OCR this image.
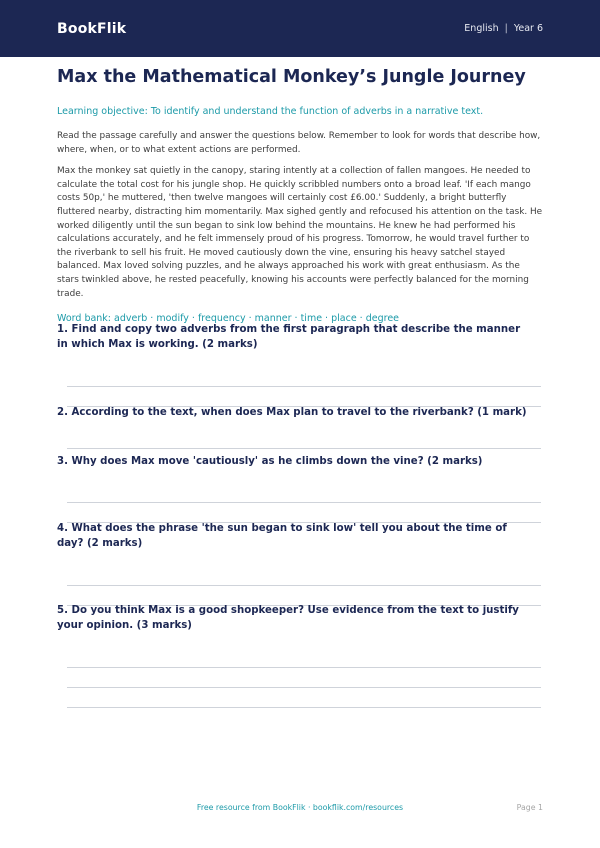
BookFlik	English | Year 6
Max the Mathematical Monkey’s Jungle Journey
Learning objective: To identify and understand the function of adverbs in a narrative text.

Read the passage carefully and answer the questions below. Remember to look for words that describe how, where, when, or to what extent actions are performed.

Max the monkey sat quietly in the canopy, staring intently at a collection of fallen mangoes. He needed to calculate the total cost for his jungle shop. He quickly scribbled numbers onto a broad leaf. 'If each mango costs 50p,' he muttered, 'then twelve mangoes will certainly cost £6.00.' Suddenly, a bright butterfly fluttered nearby, distracting him momentarily. Max sighed gently and refocused his attention on the task. He worked diligently until the sun began to sink low behind the mountains. He knew he had performed his calculations accurately, and he felt immensely proud of his progress. Tomorrow, he would travel further to the riverbank to sell his fruit. He moved cautiously down the vine, ensuring his heavy satchel stayed balanced. Max loved solving puzzles, and he always approached his work with great enthusiasm. As the stars twinkled above, he rested peacefully, knowing his accounts were perfectly balanced for the morning trade.

Word bank: adverb · modify · frequency · manner · time · place · degree
1. Find and copy two adverbs from the first paragraph that describe the manner in which Max is working. (2 marks)
2. According to the text, when does Max plan to travel to the riverbank? (1 mark)
3. Why does Max move 'cautiously' as he climbs down the vine? (2 marks)
4. What does the phrase 'the sun began to sink low' tell you about the time of day? (2 marks)
5. Do you think Max is a good shopkeeper? Use evidence from the text to justify your opinion. (3 marks)
Free resource from BookFlik · bookflik.com/resources	Page 1
